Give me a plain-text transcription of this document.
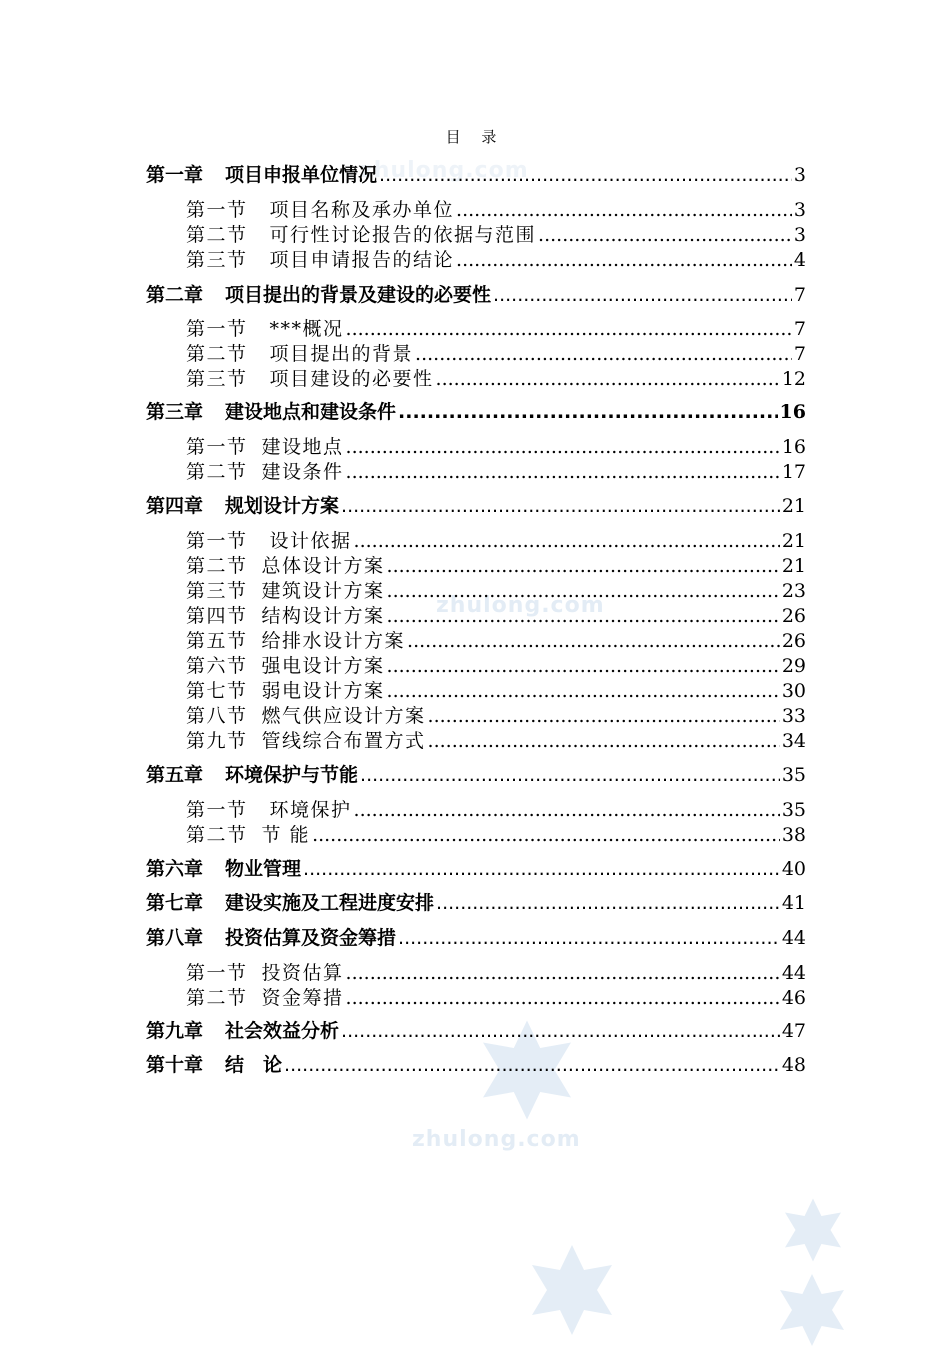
zhulong.com
zhulong.com
zhulong.com
目 录
第一章 项目申报单位情况 .....	3
第一节 项目名称及承办单位 .....	3
第二节 可行性讨论报告的依据与范围 .....	3
第三节 项目申请报告的结论 .....	4
第二章 项目提出的背景及建设的必要性 .....	7
第一节 ***概况 .....	7
第二节 项目提出的背景 .....	7
第三节 项目建设的必要性 .....	12
第三章 建设地点和建设条件 .....	16
第一节 建设地点 .....	16
第二节 建设条件 .....	17
第四章 规划设计方案 .....	21
第一节 设计依据 .....	21
第二节 总体设计方案 .....	21
第三节 建筑设计方案 .....	23
第四节 结构设计方案 .....	26
第五节 给排水设计方案 .....	26
第六节 强电设计方案 .....	29
第七节 弱电设计方案 .....	30
第八节 燃气供应设计方案 .....	33
第九节 管线综合布置方式 .....	34
第五章 环境保护与节能 .....	35
第一节 环境保护 .....	35
第二节 节 能 .....	38
第六章 物业管理 .....	40
第七章 建设实施及工程进度安排 .....	41
第八章 投资估算及资金筹措 .....	44
第一节 投资估算 .....	44
第二节 资金筹措 .....	46
第九章 社会效益分析 .....	47
第十章 结　论 .....	48
